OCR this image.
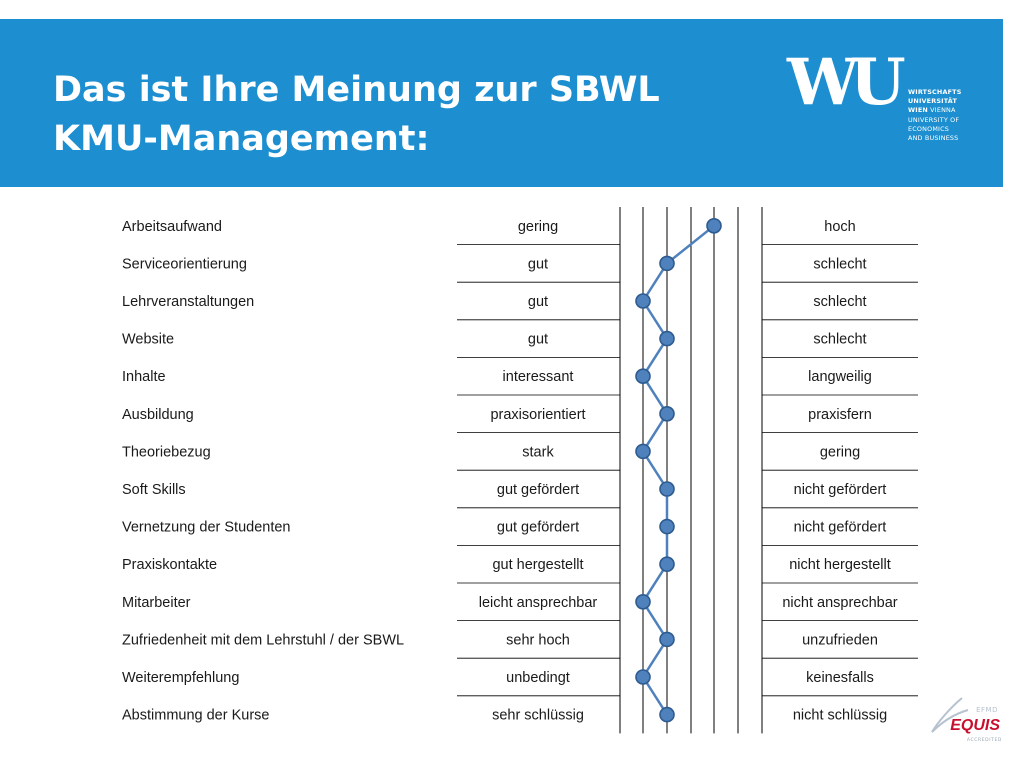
Das ist Ihre Meinung zur SBWL
KMU-Management:
WU	WIRTSCHAFTS
UNIVERSITÄT
WIEN VIENNA
UNIVERSITY OF
ECONOMICS
AND BUSINESS
Arbeitsaufwand	gering	hoch
Serviceorientierung	gut	schlecht
Lehrveranstaltungen	gut	schlecht
Website	gut	schlecht
Inhalte	interessant	langweilig
Ausbildung	praxisorientiert	praxisfern
Theoriebezug	stark	gering
Soft Skills	gut gefördert	nicht gefördert
Vernetzung der Studenten	gut gefördert	nicht gefördert
Praxiskontakte	gut hergestellt	nicht hergestellt
Mitarbeiter	leicht ansprechbar	nicht ansprechbar
Zufriedenheit mit dem Lehrstuhl / der SBWL	sehr hoch	unzufrieden
Weiterempfehlung	unbedingt	keinesfalls
Abstimmung der Kurse	sehr schlüssig	nicht schlüssig	EFMD
EQUIS
ACCREDITED
